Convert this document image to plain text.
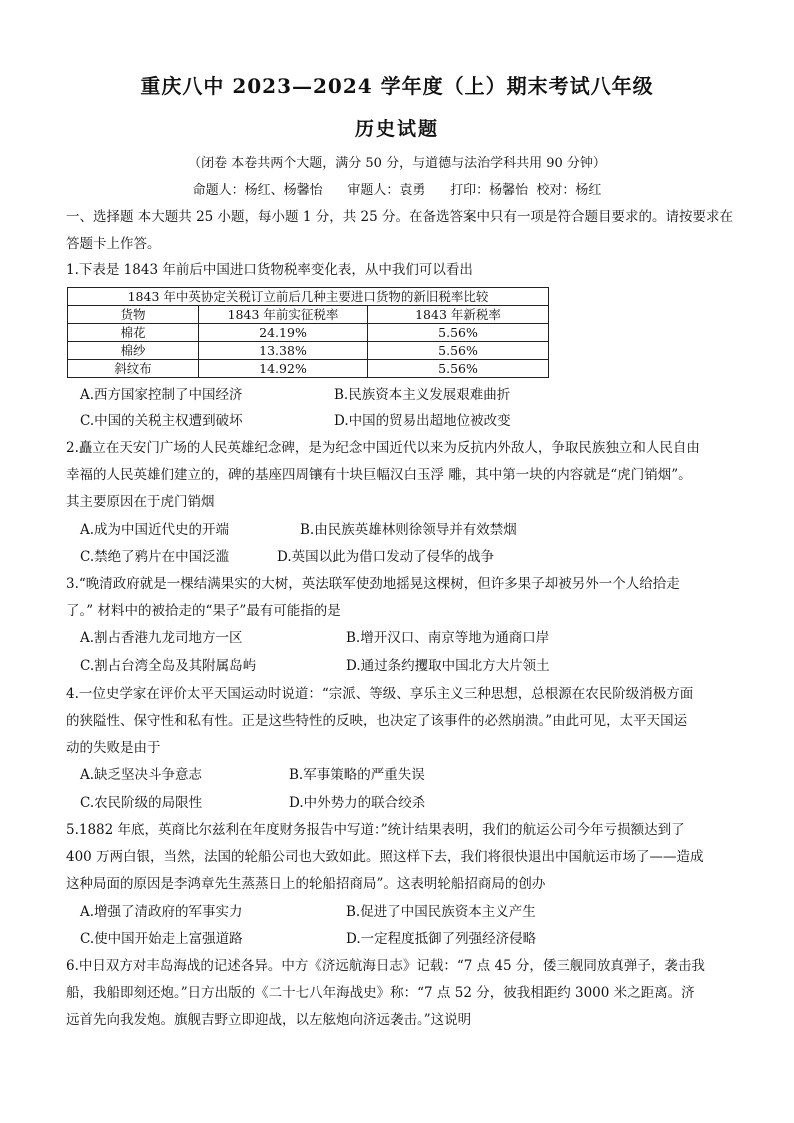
重庆八中 2023—2024 学年度（上）期末考试八年级
历史试题
（闭卷 本卷共两个大题，满分 50 分，与道德与法治学科共用 90 分钟）
命题人：杨红、杨馨怡      审题人：袁勇      打印：杨馨怡  校对：杨红
一、选择题 本大题共 25 小题，每小题 1 分，共 25 分。在备选答案中只有一项是符合题目要求的。请按要求在答题卡上作答。
1.下表是 1843 年前后中国进口货物税率变化表，从中我们可以看出
1843 年中英协定关税订立前后几种主要进口货物的新旧税率比较		
货物	1843 年前实征税率	1843 年新税率
棉花	24.19%	5.56%
棉纱	13.38%	5.56%
斜纹布	14.92%	5.56%
A.西方国家控制了中国经济	B.民族资本主义发展艰难曲折
C.中国的关税主权遭到破坏	D.中国的贸易出超地位被改变
2.矗立在天安门广场的人民英雄纪念碑，是为纪念中国近代以来为反抗内外敌人，争取民族独立和人民自由
幸福的人民英雄们建立的，碑的基座四周镶有十块巨幅汉白玉浮 雕，其中第一块的内容就是“虎门销烟”。
其主要原因在于虎门销烟
A.成为中国近代史的开端	B.由民族英雄林则徐领导并有效禁烟
C.禁绝了鸦片在中国泛滥	D.英国以此为借口发动了侵华的战争
3.“晚清政府就是一棵结满果实的大树，英法联军使劲地摇晃这棵树，但许多果子却被另外一个人给拾走
了。” 材料中的被拾走的“果子”最有可能指的是
A.割占香港九龙司地方一区	B.增开汉口、南京等地为通商口岸
C.割占台湾全岛及其附属岛屿	D.通过条约攫取中国北方大片领土
4.一位史学家在评价太平天国运动时说道：“宗派、等级、享乐主义三种思想，总根源在农民阶级消极方面
的狭隘性、保守性和私有性。正是这些特性的反映，也决定了该事件的必然崩溃。”由此可见，太平天国运
动的失败是由于
A.缺乏坚决斗争意志	B.军事策略的严重失误
C.农民阶级的局限性	D.中外势力的联合绞杀
5.1882 年底，英商比尔兹利在年度财务报告中写道：”统计结果表明，我们的航运公司今年亏损额达到了
400 万两白银，当然，法国的轮船公司也大致如此。照这样下去，我们将很快退出中国航运市场了——造成
这种局面的原因是李鸿章先生蒸蒸日上的轮船招商局”。这表明轮船招商局的创办
A.增强了清政府的军事实力	B.促进了中国民族资本主义产生
C.使中国开始走上富强道路	D.一定程度抵御了列强经济侵略
6.中日双方对丰岛海战的记述各异。中方《济远航海日志》记载：“7 点 45 分，倭三舰同放真弹子，袭击我
船，我船即刻还炮。”日方出版的《二十七八年海战史》称：“7 点 52 分，彼我相距约 3000 米之距离。济
远首先向我发炮。旗舰吉野立即迎战，以左舷炮向济远袭击。”这说明
